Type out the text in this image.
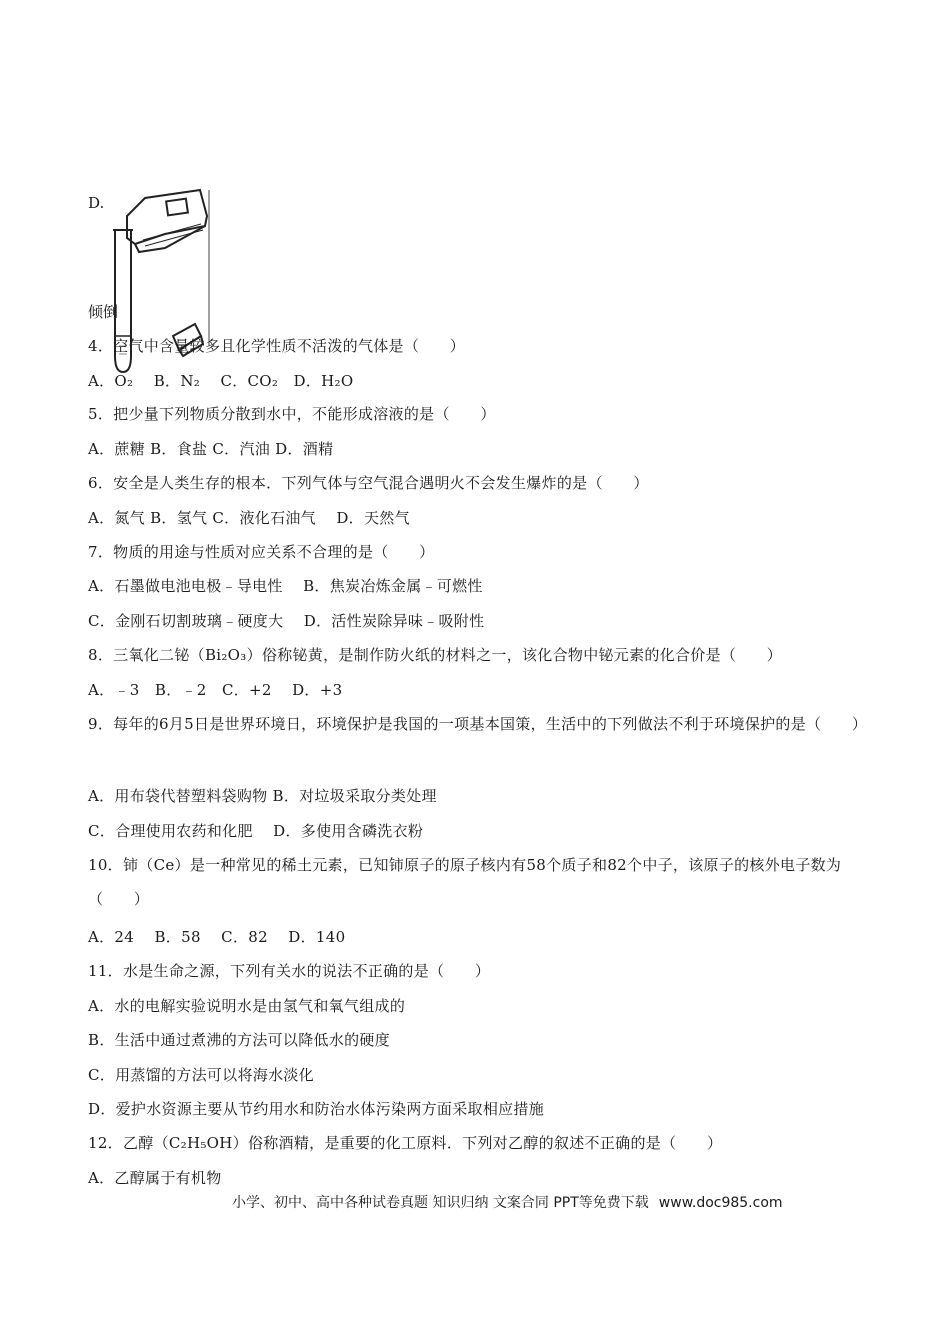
D.
倾倒
4．空气中含量较多且化学性质不活泼的气体是（　　）
A．O₂　 B．N₂　 C．CO₂　D．H₂O
5．把少量下列物质分散到水中，不能形成溶液的是（　　）
A．蔗糖 B．食盐 C．汽油 D．酒精
6．安全是人类生存的根本．下列气体与空气混合遇明火不会发生爆炸的是（　　）
A．氮气 B．氢气 C．液化石油气　 D．天然气
7．物质的用途与性质对应关系不合理的是（　　）
A．石墨做电池电极﹣导电性　 B．焦炭冶炼金属﹣可燃性
C．金刚石切割玻璃﹣硬度大　 D．活性炭除异味﹣吸附性
8．三氧化二铋（Bi₂O₃）俗称铋黄，是制作防火纸的材料之一，该化合物中铋元素的化合价是（　　）
A．﹣3　B．﹣2　C．+2　 D．+3
9．每年的6月5日是世界环境日，环境保护是我国的一项基本国策，生活中的下列做法不利于环境保护的是（　　）
A．用布袋代替塑料袋购物 B．对垃圾采取分类处理
C．合理使用农药和化肥　 D．多使用含磷洗衣粉
10．铈（Ce）是一种常见的稀土元素，已知铈原子的原子核内有58个质子和82个中子，该原子的核外电子数为（　　）
A．24　 B．58　 C．82　 D．140
11．水是生命之源，下列有关水的说法不正确的是（　　）
A．水的电解实验说明水是由氢气和氧气组成的
B．生活中通过煮沸的方法可以降低水的硬度
C．用蒸馏的方法可以将海水淡化
D．爱护水资源主要从节约用水和防治水体污染两方面采取相应措施
12．乙醇（C₂H₅OH）俗称酒精，是重要的化工原料．下列对乙醇的叙述不正确的是（　　）
A．乙醇属于有机物
小学、初中、高中各种试卷真题 知识归纳 文案合同 PPT等免费下载 www.doc985.com
